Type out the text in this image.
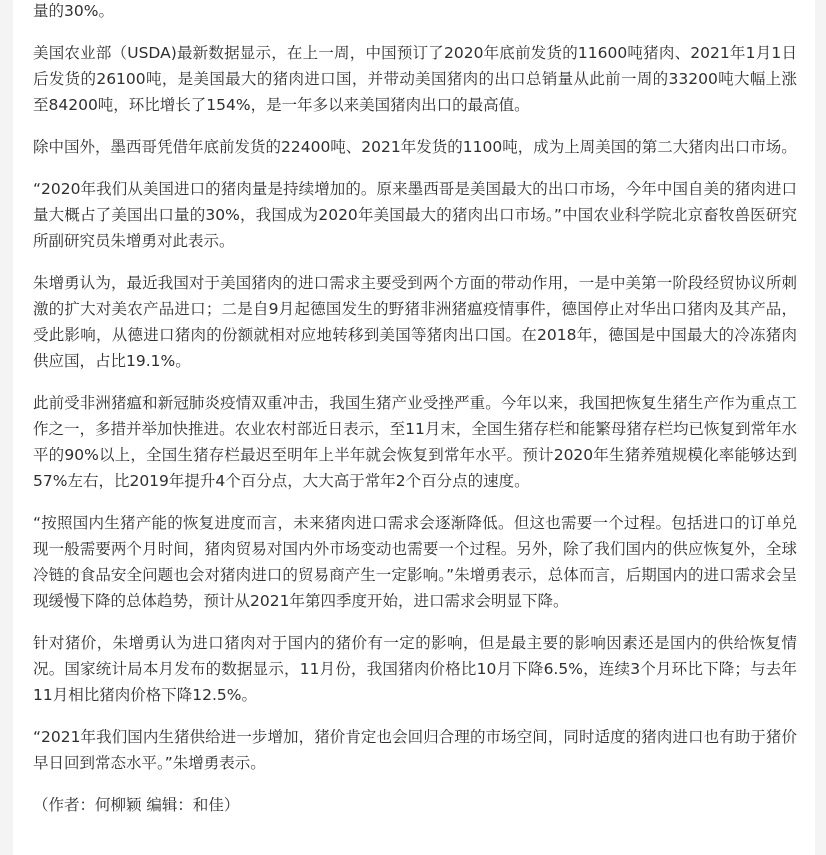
量的30%。

美国农业部（USDA)最新数据显示，在上一周，中国预订了2020年底前发货的11600吨猪肉、2021年1月1日后发货的26100吨，是美国最大的猪肉进口国，并带动美国猪肉的出口总销量从此前一周的33200吨大幅上涨至84200吨，环比增长了154%，是一年多以来美国猪肉出口的最高值。

除中国外，墨西哥凭借年底前发货的22400吨、2021年发货的1100吨，成为上周美国的第二大猪肉出口市场。

“2020年我们从美国进口的猪肉量是持续增加的。原来墨西哥是美国最大的出口市场，今年中国自美的猪肉进口量大概占了美国出口量的30%，我国成为2020年美国最大的猪肉出口市场。”中国农业科学院北京畜牧兽医研究所副研究员朱增勇对此表示。

朱增勇认为，最近我国对于美国猪肉的进口需求主要受到两个方面的带动作用，一是中美第一阶段经贸协议所刺激的扩大对美农产品进口；二是自9月起德国发生的野猪非洲猪瘟疫情事件，德国停止对华出口猪肉及其产品，受此影响，从德进口猪肉的份额就相对应地转移到美国等猪肉出口国。在2018年，德国是中国最大的冷冻猪肉供应国，占比19.1%。

此前受非洲猪瘟和新冠肺炎疫情双重冲击，我国生猪产业受挫严重。今年以来，我国把恢复生猪生产作为重点工作之一，多措并举加快推进。农业农村部近日表示，至11月末，全国生猪存栏和能繁母猪存栏均已恢复到常年水平的90%以上，全国生猪存栏最迟至明年上半年就会恢复到常年水平。预计2020年生猪养殖规模化率能够达到57%左右，比2019年提升4个百分点，大大高于常年2个百分点的速度。

“按照国内生猪产能的恢复进度而言，未来猪肉进口需求会逐渐降低。但这也需要一个过程。包括进口的订单兑现一般需要两个月时间，猪肉贸易对国内外市场变动也需要一个过程。另外，除了我们国内的供应恢复外，全球冷链的食品安全问题也会对猪肉进口的贸易商产生一定影响。”朱增勇表示，总体而言，后期国内的进口需求会呈现缓慢下降的总体趋势，预计从2021年第四季度开始，进口需求会明显下降。

针对猪价，朱增勇认为进口猪肉对于国内的猪价有一定的影响，但是最主要的影响因素还是国内的供给恢复情况。国家统计局本月发布的数据显示，11月份，我国猪肉价格比10月下降6.5%，连续3个月环比下降；与去年11月相比猪肉价格下降12.5%。

“2021年我们国内生猪供给进一步增加，猪价肯定也会回归合理的市场空间，同时适度的猪肉进口也有助于猪价早日回到常态水平。”朱增勇表示。

（作者：何柳颖 编辑：和佳）
